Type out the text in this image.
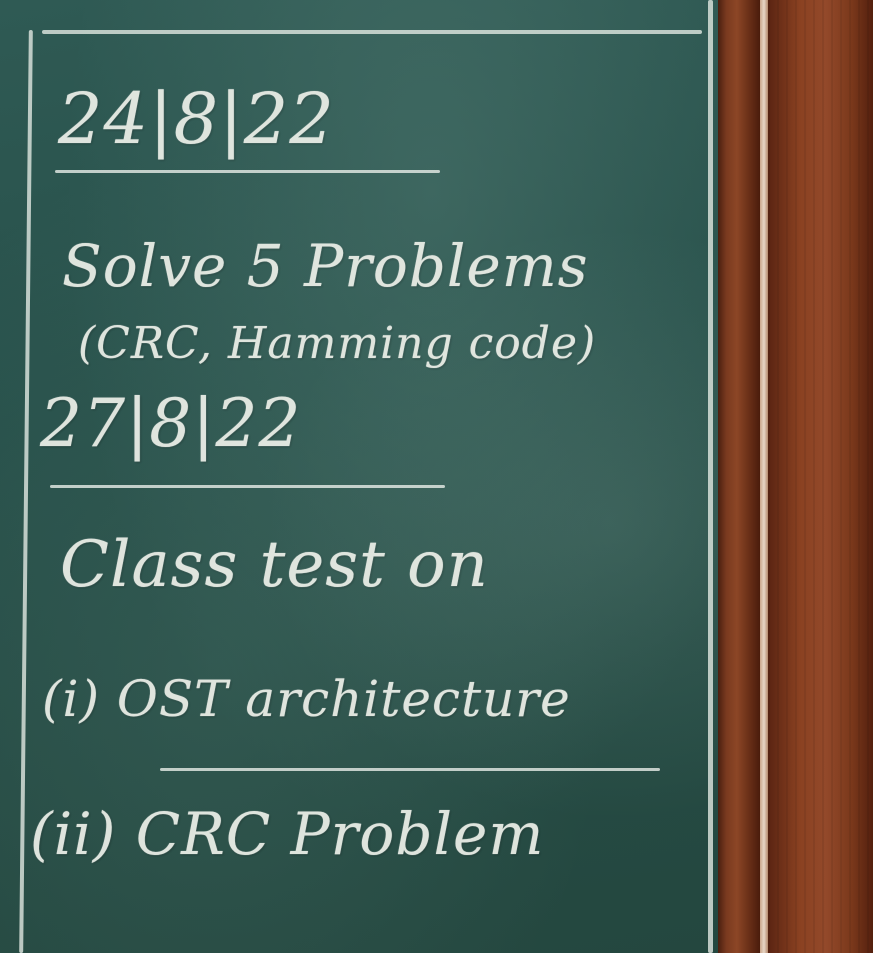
24|8|22

Solve 5 Problems

(CRC, Hamming code)

27|8|22

Class test on

(i) OST architecture

(ii) CRC Problem
